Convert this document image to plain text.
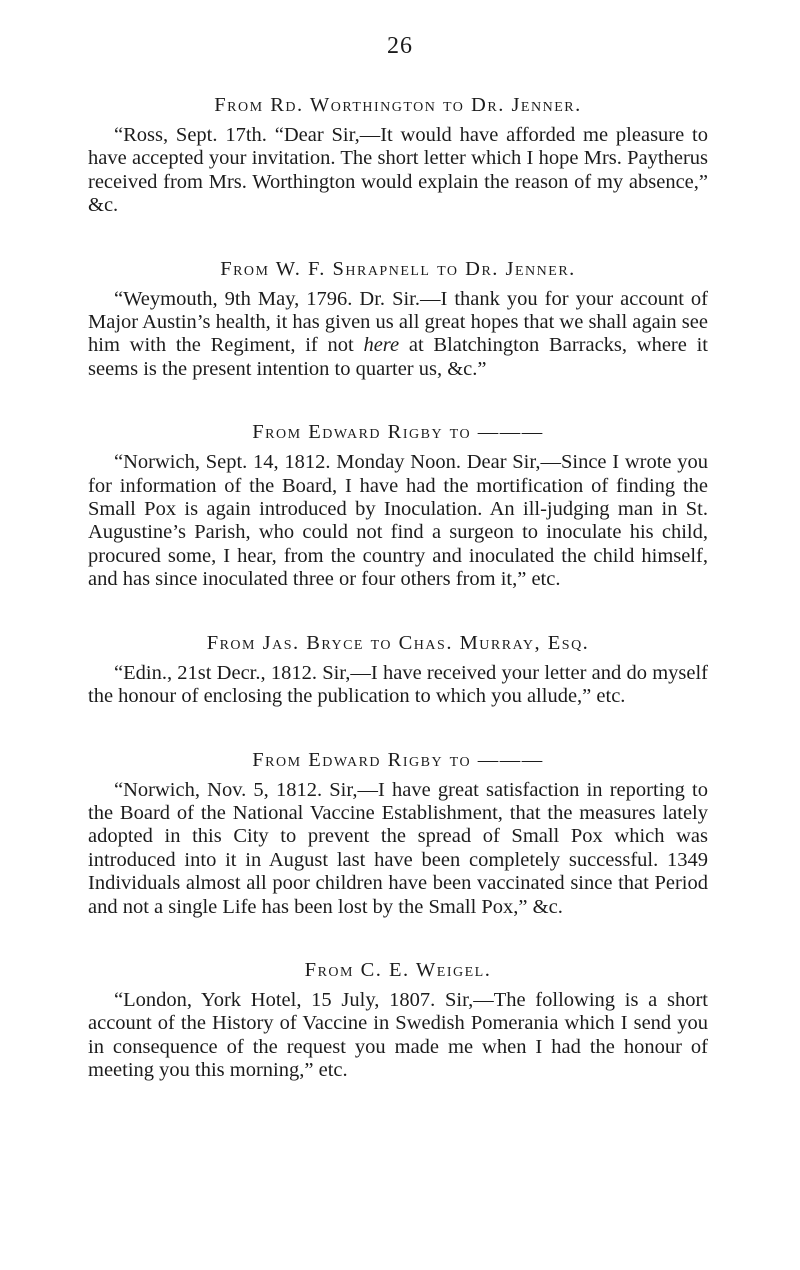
26
From Rd. Worthington to Dr. Jenner.

“Ross, Sept. 17th. “Dear Sir,—It would have afforded me pleasure to have accepted your invitation. The short letter which I hope Mrs. Paytherus received from Mrs. Worthington would explain the reason of my absence,” &c.

From W. F. Shrapnell to Dr. Jenner.

“Weymouth, 9th May, 1796. Dr. Sir.—I thank you for your account of Major Austin’s health, it has given us all great hopes that we shall again see him with the Regiment, if not here at Blatchington Barracks, where it seems is the present intention to quarter us, &c.”

From Edward Rigby to ———

“Norwich, Sept. 14, 1812. Monday Noon. Dear Sir,—Since I wrote you for information of the Board, I have had the mortification of finding the Small Pox is again introduced by Inoculation. An ill-judging man in St. Augustine’s Parish, who could not find a surgeon to inoculate his child, procured some, I hear, from the country and inoculated the child himself, and has since inoculated three or four others from it,” etc.

From Jas. Bryce to Chas. Murray, Esq.

“Edin., 21st Decr., 1812. Sir,—I have received your letter and do myself the honour of enclosing the publication to which you allude,” etc.

From Edward Rigby to ———

“Norwich, Nov. 5, 1812. Sir,—I have great satisfaction in reporting to the Board of the National Vaccine Establishment, that the measures lately adopted in this City to prevent the spread of Small Pox which was introduced into it in August last have been completely successful. 1349 Individuals almost all poor children have been vaccinated since that Period and not a single Life has been lost by the Small Pox,” &c.

From C. E. Weigel.

“London, York Hotel, 15 July, 1807. Sir,—The following is a short account of the History of Vaccine in Swedish Pomerania which I send you in consequence of the request you made me when I had the honour of meeting you this morning,” etc.
